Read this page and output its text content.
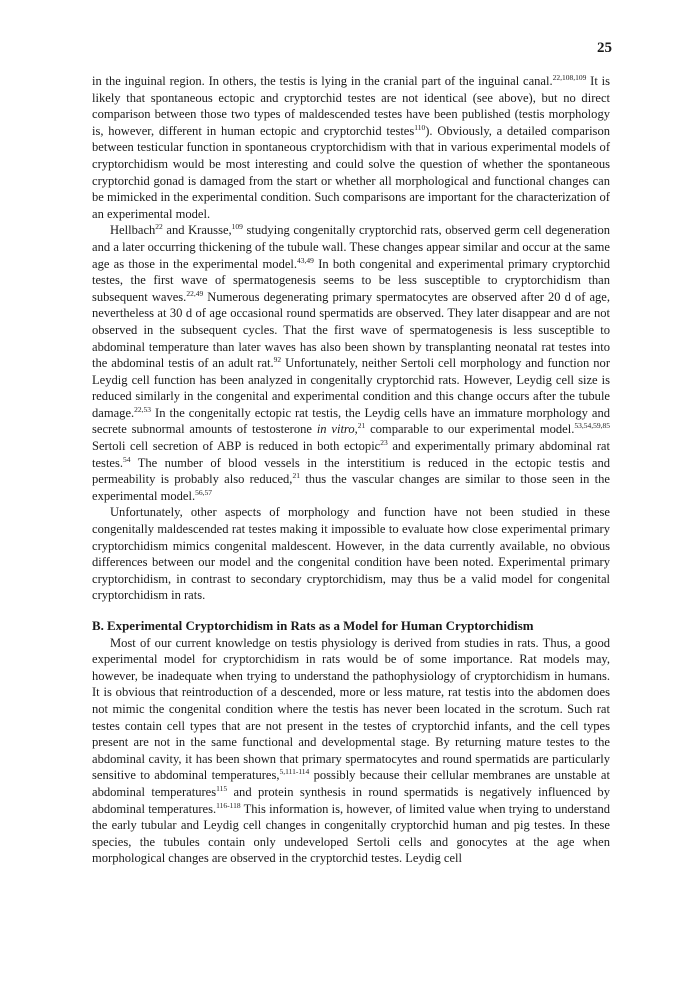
25

in the inguinal region. In others, the testis is lying in the cranial part of the inguinal canal.$^{22,108,109}$ It is likely that spontaneous ectopic and cryptorchid testes are not identical (see above), but no direct comparison between those two types of maldescended testes have been published (testis morphology is, however, different in human ectopic and cryptorchid testes$^{110}$). Obviously, a detailed comparison between testicular function in spontaneous cryptorchidism with that in various experimental models of cryptorchidism would be most interesting and could solve the question of whether the spontaneous cryptorchid gonad is damaged from the start or whether all morphological and functional changes can be mimicked in the experimental condition. Such comparisons are important for the characterization of an experimental model.

Hellbach$^{22}$ and Krausse,$^{109}$ studying congenitally cryptorchid rats, observed germ cell degeneration and a later occurring thickening of the tubule wall. These changes appear similar and occur at the same age as those in the experimental model.$^{43,49}$ In both congenital and experimental primary cryptorchid testes, the first wave of spermatogenesis seems to be less susceptible to cryptorchidism than subsequent waves.$^{22,49}$ Numerous degenerating primary spermatocytes are observed after 20 d of age, nevertheless at 30 d of age occasional round spermatids are observed. They later disappear and are not observed in the subsequent cycles. That the first wave of spermatogenesis is less susceptible to abdominal temperature than later waves has also been shown by transplanting neonatal rat testes into the abdominal testis of an adult rat.$^{92}$ Unfortunately, neither Sertoli cell morphology and function nor Leydig cell function has been analyzed in congenitally cryptorchid rats. However, Leydig cell size is reduced similarly in the congenital and experimental condition and this change occurs after the tubule damage.$^{22,53}$ In the congenitally ectopic rat testis, the Leydig cells have an immature morphology and secrete subnormal amounts of testosterone in vitro,$^{21}$ comparable to our experimental model.$^{53,54,59,85}$ Sertoli cell secretion of ABP is reduced in both ectopic$^{23}$ and experimentally primary abdominal rat testes.$^{54}$ The number of blood vessels in the interstitium is reduced in the ectopic testis and permeability is probably also reduced,$^{21}$ thus the vascular changes are similar to those seen in the experimental model.$^{56,57}$

Unfortunately, other aspects of morphology and function have not been studied in these congenitally maldescended rat testes making it impossible to evaluate how close experimental primary cryptorchidism mimics congenital maldescent. However, in the data currently available, no obvious differences between our model and the congenital condition have been noted. Experimental primary cryptorchidism, in contrast to secondary cryptorchidism, may thus be a valid model for congenital cryptorchidism in rats.

B. Experimental Cryptorchidism in Rats as a Model for Human Cryptorchidism

Most of our current knowledge on testis physiology is derived from studies in rats. Thus, a good experimental model for cryptorchidism in rats would be of some importance. Rat models may, however, be inadequate when trying to understand the pathophysiology of cryptorchidism in humans. It is obvious that reintroduction of a descended, more or less mature, rat testis into the abdomen does not mimic the congenital condition where the testis has never been located in the scrotum. Such rat testes contain cell types that are not present in the testes of cryptorchid infants, and the cell types present are not in the same functional and developmental stage. By returning mature testes to the abdominal cavity, it has been shown that primary spermatocytes and round spermatids are particularly sensitive to abdominal temperatures,$^{5,111-114}$ possibly because their cellular membranes are unstable at abdominal temperatures$^{115}$ and protein synthesis in round spermatids is negatively influenced by abdominal temperatures.$^{116-118}$ This information is, however, of limited value when trying to understand the early tubular and Leydig cell changes in congenitally cryptorchid human and pig testes. In these species, the tubules contain only undeveloped Sertoli cells and gonocytes at the age when morphological changes are observed in the cryptorchid testes. Leydig cell
